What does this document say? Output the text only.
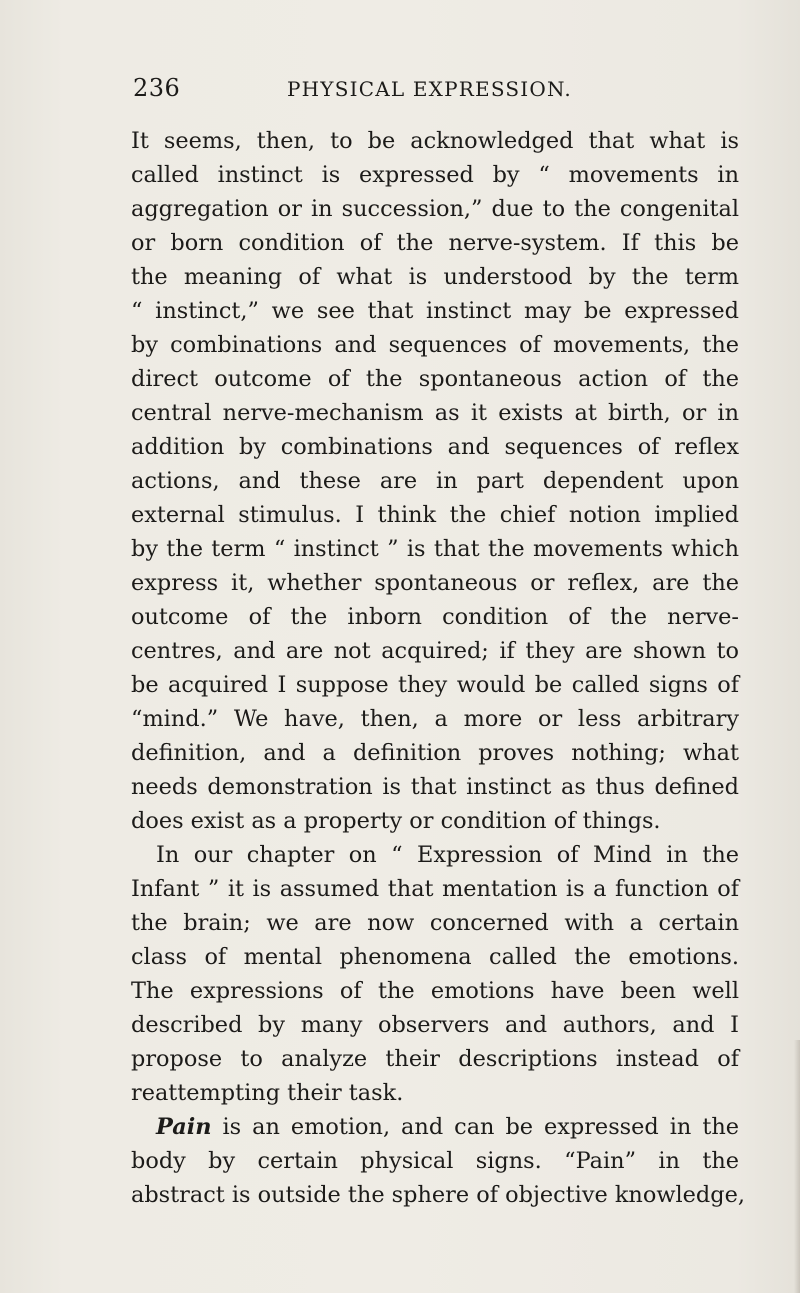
236	PHYSICAL EXPRESSION.
It seems, then, to be acknowledged that what is
called instinct is expressed by “ movements in
aggregation or in succession,” due to the congenital
or born condition of the nerve-system. If this be
the meaning of what is understood by the term
“ instinct,” we see that instinct may be expressed
by combinations and sequences of movements, the
direct outcome of the spontaneous action of the
central nerve-mechanism as it exists at birth, or in
addition by combinations and sequences of reflex
actions, and these are in part dependent upon
external stimulus. I think the chief notion implied
by the term “ instinct ” is that the movements which
express it, whether spontaneous or reflex, are the
outcome of the inborn condition of the nerve-
centres, and are not acquired; if they are shown to
be acquired I suppose they would be called signs of
“mind.” We have, then, a more or less arbitrary
definition, and a definition proves nothing; what
needs demonstration is that instinct as thus defined
does exist as a property or condition of things.
In our chapter on “ Expression of Mind in the
Infant ” it is assumed that mentation is a function of
the brain; we are now concerned with a certain
class of mental phenomena called the emotions.
The expressions of the emotions have been well
described by many observers and authors, and I
propose to analyze their descriptions instead of
reattempting their task.
Pain is an emotion, and can be expressed in the
body by certain physical signs. “Pain” in the
abstract is outside the sphere of objective knowledge,
